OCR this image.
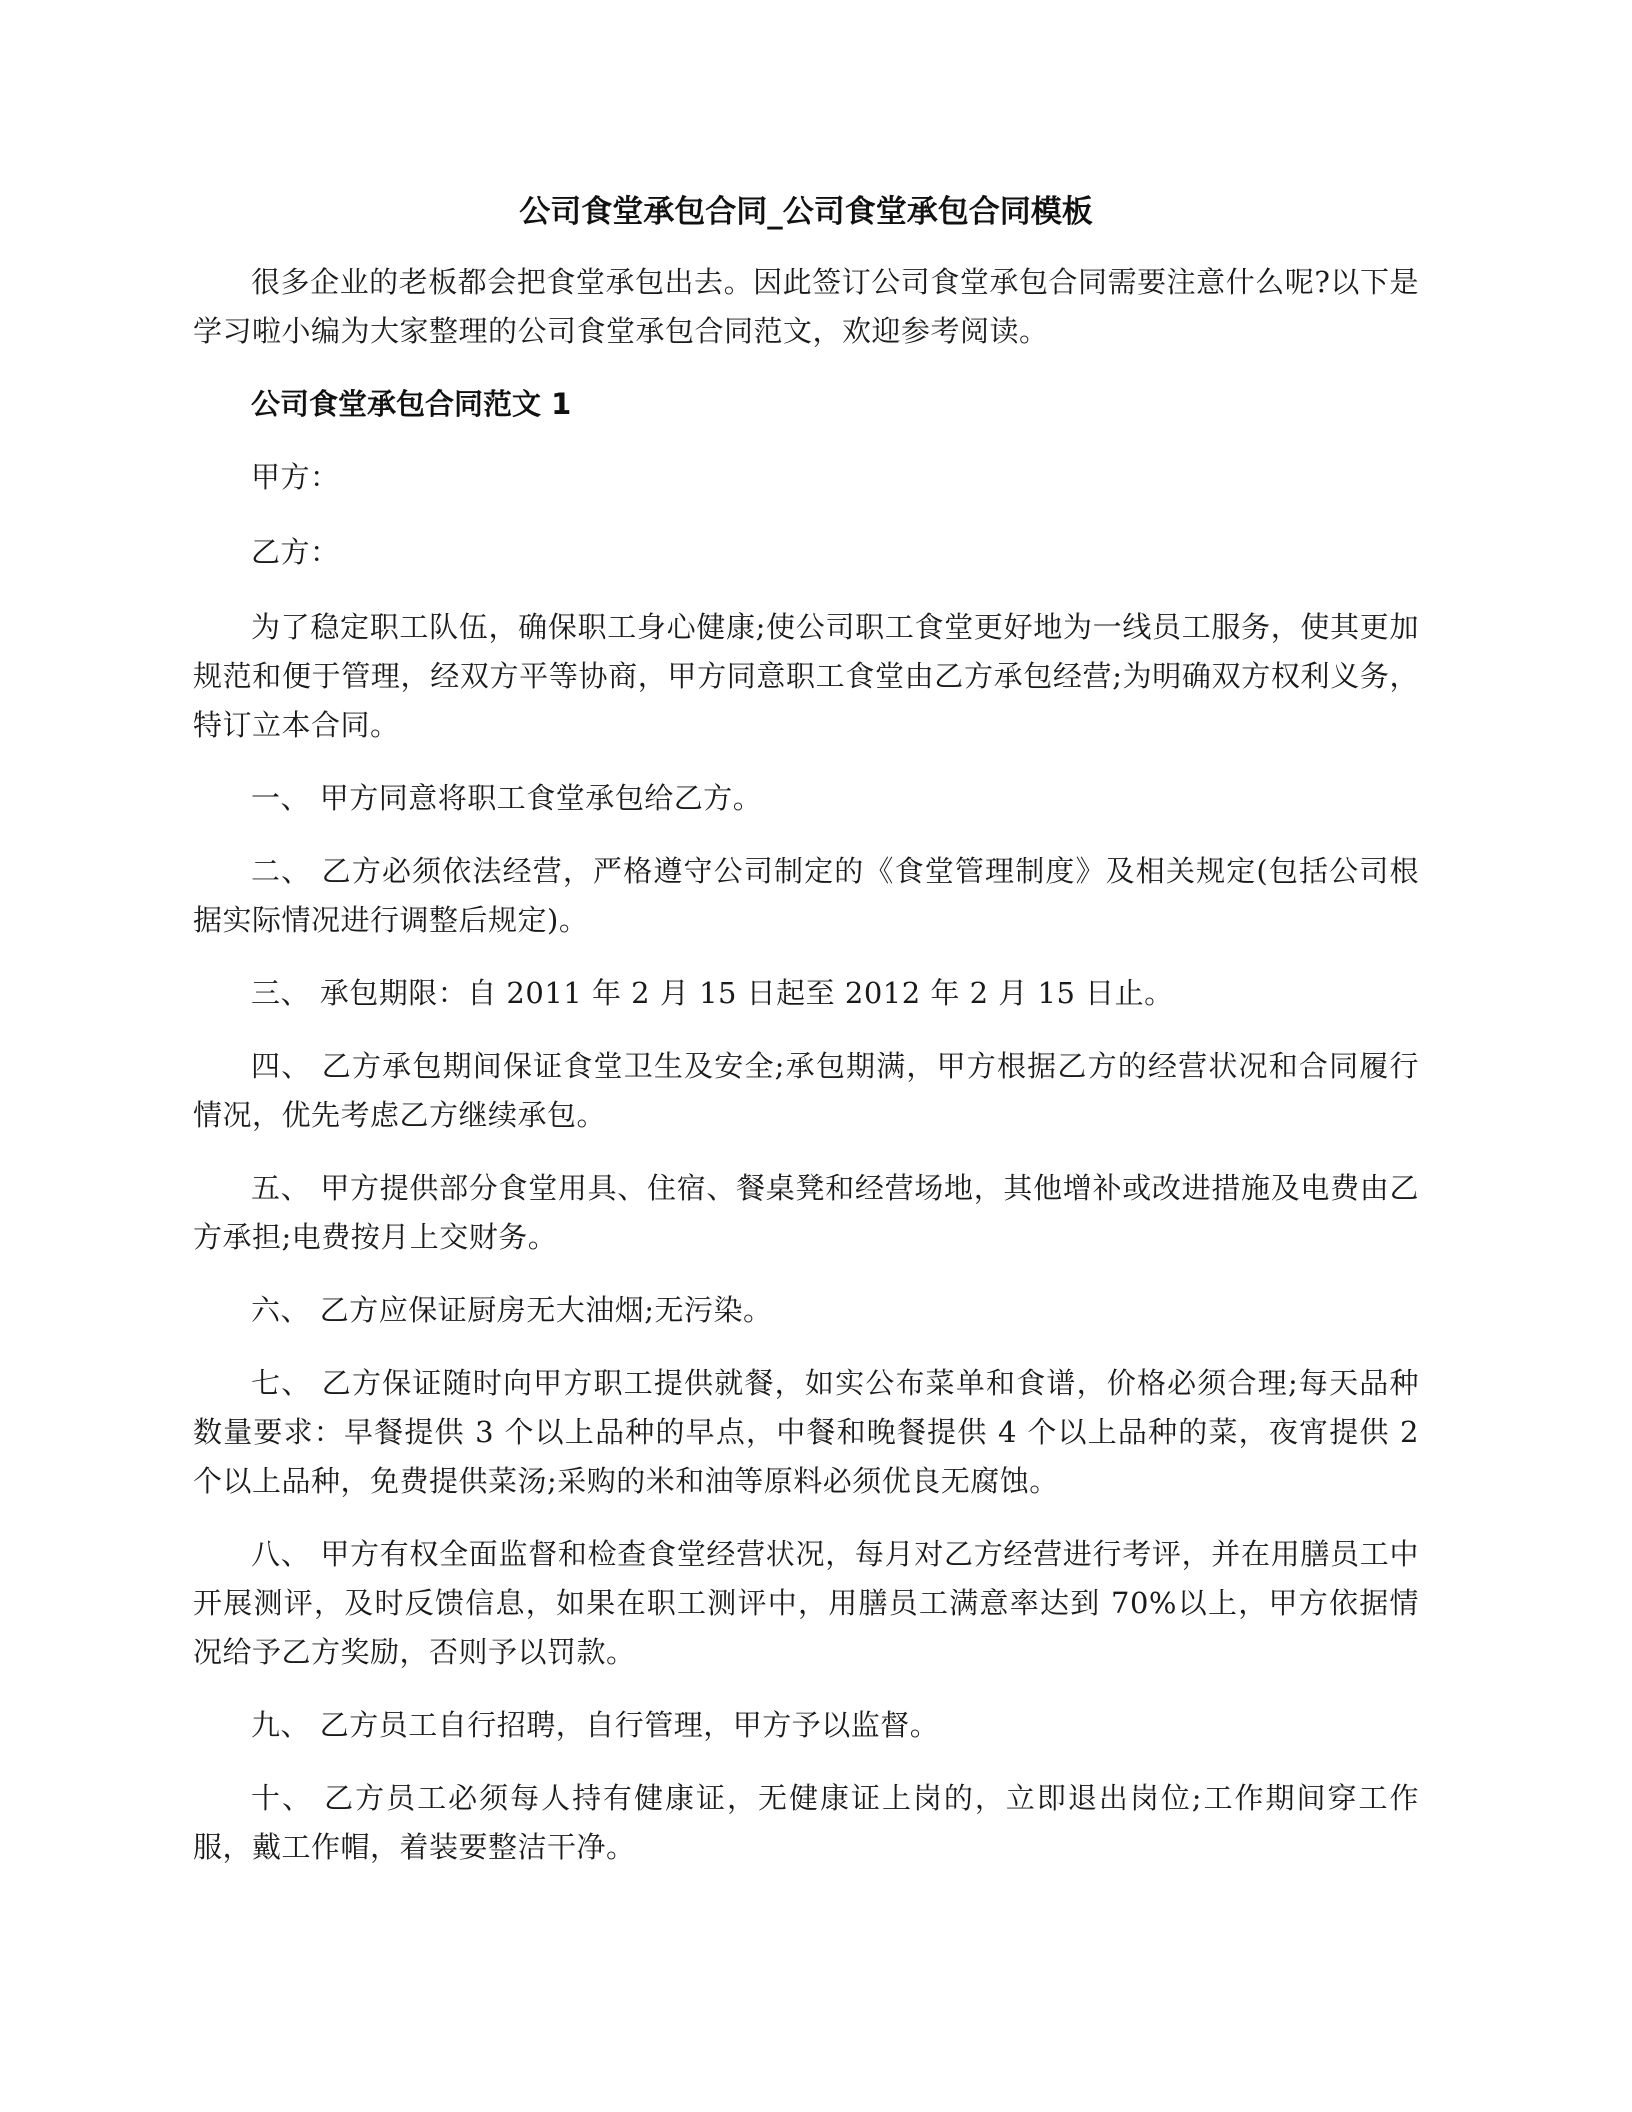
公司食堂承包合同_公司食堂承包合同模板

很多企业的老板都会把食堂承包出去。因此签订公司食堂承包合同需要注意什么呢?以下是学习啦小编为大家整理的公司食堂承包合同范文，欢迎参考阅读。

公司食堂承包合同范文 1

甲方：

乙方：

为了稳定职工队伍，确保职工身心健康;使公司职工食堂更好地为一线员工服务，使其更加规范和便于管理，经双方平等协商，甲方同意职工食堂由乙方承包经营;为明确双方权利义务，特订立本合同。

一、 甲方同意将职工食堂承包给乙方。

二、 乙方必须依法经营，严格遵守公司制定的《食堂管理制度》及相关规定(包括公司根据实际情况进行调整后规定)。

三、 承包期限：自 2011 年 2 月 15 日起至 2012 年 2 月 15 日止。

四、 乙方承包期间保证食堂卫生及安全;承包期满，甲方根据乙方的经营状况和合同履行情况，优先考虑乙方继续承包。

五、 甲方提供部分食堂用具、住宿、餐桌凳和经营场地，其他增补或改进措施及电费由乙方承担;电费按月上交财务。

六、 乙方应保证厨房无大油烟;无污染。

七、 乙方保证随时向甲方职工提供就餐，如实公布菜单和食谱，价格必须合理;每天品种数量要求：早餐提供 3 个以上品种的早点，中餐和晚餐提供 4 个以上品种的菜，夜宵提供 2 个以上品种，免费提供菜汤;采购的米和油等原料必须优良无腐蚀。

八、 甲方有权全面监督和检查食堂经营状况，每月对乙方经营进行考评，并在用膳员工中开展测评，及时反馈信息，如果在职工测评中，用膳员工满意率达到 70%以上，甲方依据情况给予乙方奖励，否则予以罚款。

九、 乙方员工自行招聘，自行管理，甲方予以监督。

十、 乙方员工必须每人持有健康证，无健康证上岗的，立即退出岗位;工作期间穿工作服，戴工作帽，着装要整洁干净。
